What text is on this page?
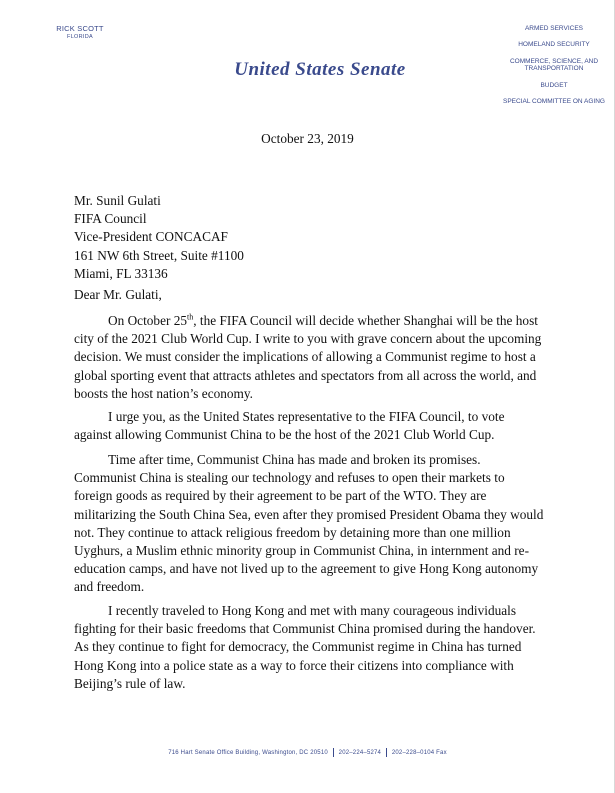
RICK SCOTT
FLORIDA
United States Senate
ARMED SERVICES
HOMELAND SECURITY
COMMERCE, SCIENCE, AND TRANSPORTATION
BUDGET
SPECIAL COMMITTEE ON AGING
October 23, 2019
Mr. Sunil Gulati
FIFA Council
Vice-President CONCACAF
161 NW 6th Street, Suite #1100
Miami, FL 33136
Dear Mr. Gulati,
On October 25th, the FIFA Council will decide whether Shanghai will be the host city of the 2021 Club World Cup. I write to you with grave concern about the upcoming decision. We must consider the implications of allowing a Communist regime to host a global sporting event that attracts athletes and spectators from all across the world, and boosts the host nation’s economy.
I urge you, as the United States representative to the FIFA Council, to vote against allowing Communist China to be the host of the 2021 Club World Cup.
Time after time, Communist China has made and broken its promises. Communist China is stealing our technology and refuses to open their markets to foreign goods as required by their agreement to be part of the WTO. They are militarizing the South China Sea, even after they promised President Obama they would not. They continue to attack religious freedom by detaining more than one million Uyghurs, a Muslim ethnic minority group in Communist China, in internment and re-education camps, and have not lived up to the agreement to give Hong Kong autonomy and freedom.
I recently traveled to Hong Kong and met with many courageous individuals fighting for their basic freedoms that Communist China promised during the handover. As they continue to fight for democracy, the Communist regime in China has turned Hong Kong into a police state as a way to force their citizens into compliance with Beijing’s rule of law.
716 Hart Senate Office Building, Washington, DC 20510 202–224–5274 202–228–0104 Fax
